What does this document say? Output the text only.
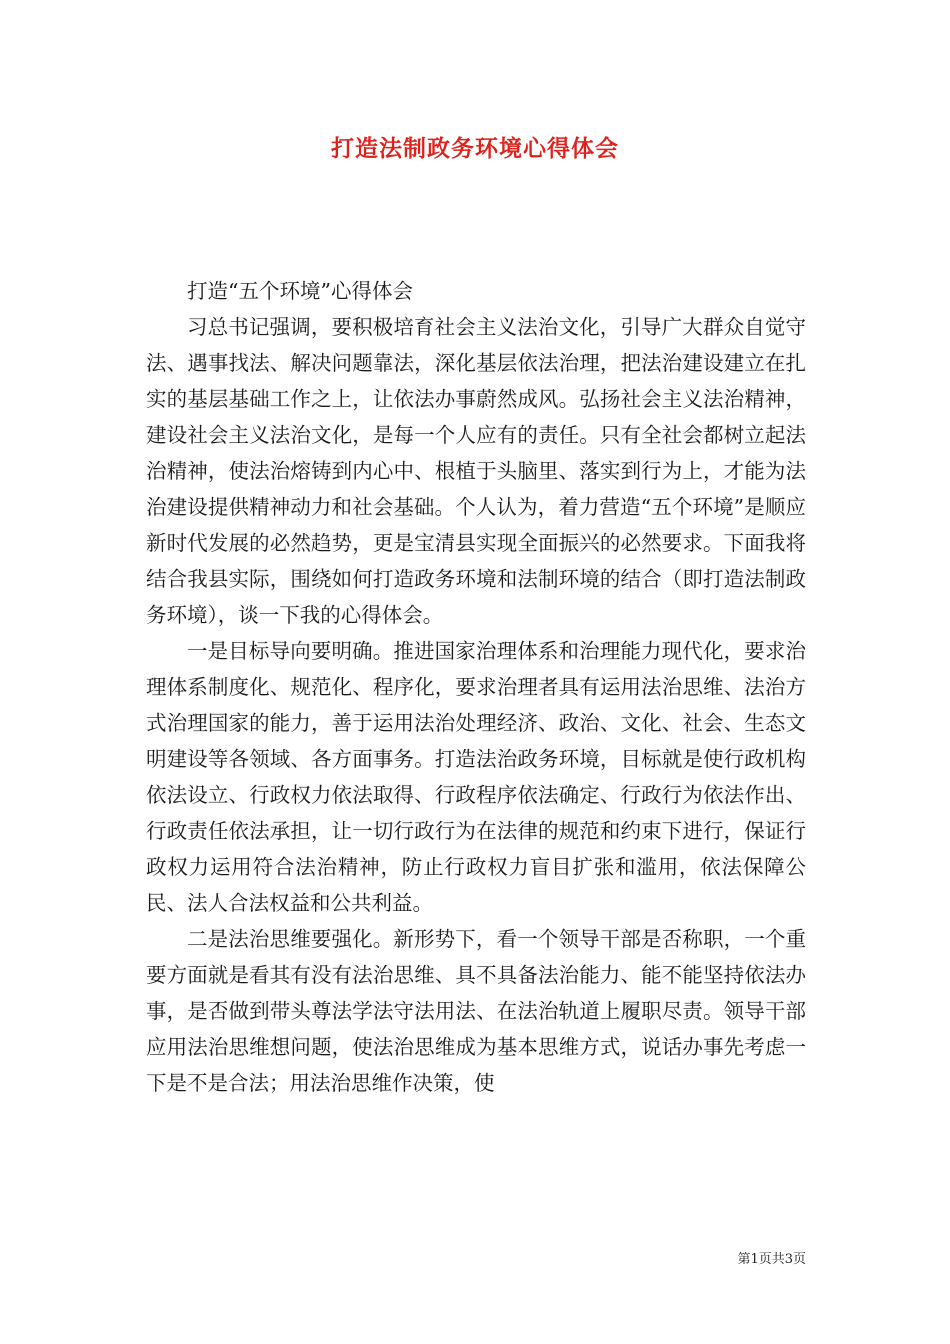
打造法制政务环境心得体会

打造“五个环境”心得体会

习总书记强调，要积极培育社会主义法治文化，引导广大群众自觉守法、遇事找法、解决问题靠法，深化基层依法治理，把法治建设建立在扎实的基层基础工作之上，让依法办事蔚然成风。弘扬社会主义法治精神，建设社会主义法治文化，是每一个人应有的责任。只有全社会都树立起法治精神，使法治熔铸到内心中、根植于头脑里、落实到行为上，才能为法治建设提供精神动力和社会基础。个人认为，着力营造“五个环境”是顺应新时代发展的必然趋势，更是宝清县实现全面振兴的必然要求。下面我将结合我县实际，围绕如何打造政务环境和法制环境的结合（即打造法制政务环境），谈一下我的心得体会。

一是目标导向要明确。推进国家治理体系和治理能力现代化，要求治理体系制度化、规范化、程序化，要求治理者具有运用法治思维、法治方式治理国家的能力，善于运用法治处理经济、政治、文化、社会、生态文明建设等各领域、各方面事务。打造法治政务环境，目标就是使行政机构依法设立、行政权力依法取得、行政程序依法确定、行政行为依法作出、行政责任依法承担，让一切行政行为在法律的规范和约束下进行，保证行政权力运用符合法治精神，防止行政权力盲目扩张和滥用，依法保障公民、法人合法权益和公共利益。

二是法治思维要强化。新形势下，看一个领导干部是否称职，一个重要方面就是看其有没有法治思维、具不具备法治能力、能不能坚持依法办事，是否做到带头尊法学法守法用法、在法治轨道上履职尽责。领导干部应用法治思维想问题，使法治思维成为基本思维方式，说话办事先考虑一下是不是合法；用法治思维作决策，使

第1页共3页
